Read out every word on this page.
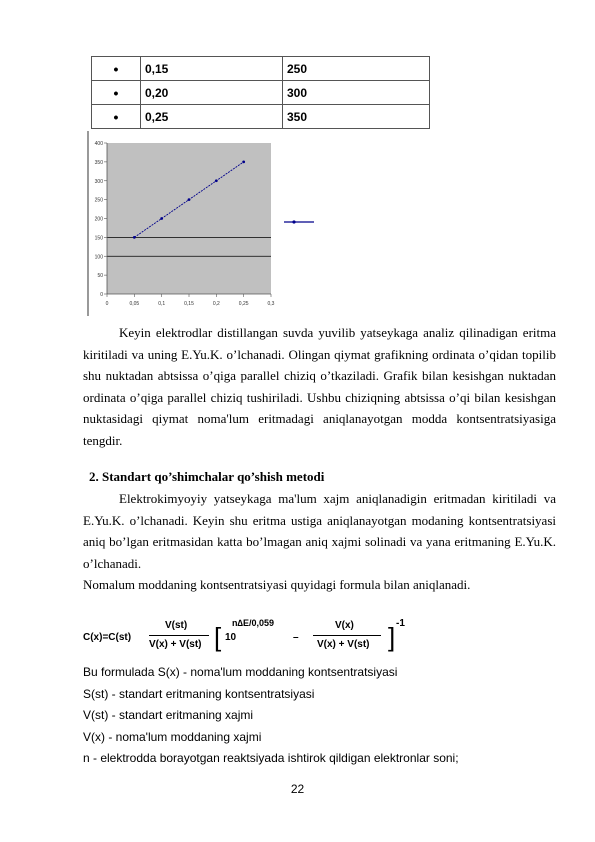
•	0,15	250
•	0,20	300
•	0,25	350
0
50
100
150
200
250
300
350
400
0	0,05	0,1	0,15	0,2	0,25	0,3

Keyin elektrodlar distillangan suvda yuvilib yatseykaga analiz qilinadigan eritma kiritiladi va uning E.Yu.K. o’lchanadi. Olingan qiymat grafikning ordinata o’qidan topilib shu nuktadan abtsissa o’qiga parallel chiziq o’tkaziladi. Grafik bilan kesishgan nuktadan ordinata o’qiga parallel chiziq tushiriladi. Ushbu chiziqning abtsissa o’qi bilan kesishgan nuktasidagi qiymat noma'lum eritmadagi aniqlanayotgan modda kontsentratsiyasiga tengdir.

2. Standart qo’shimchalar qo’shish metodi

Elektrokimyoyiy yatseykaga ma'lum xajm aniqlanadigin eritmadan kiritiladi va E.Yu.K. o’lchanadi. Keyin shu eritma ustiga aniqlanayotgan modaning kontsentratsiyasi aniq bo’lgan eritmasidan katta bo’lmagan aniq xajmi solinadi va yana eritmaning E.Yu.K. o’lchanadi.

Nomalum moddaning kontsentratsiyasi quyidagi formula bilan aniqlanadi.

C(x)=C(st)
V(st)
V(x) + V(st) [ 10
n∆E/0,059
–
V(x)
V(x) + V(st) ] -1
Bu formulada S(x) - noma'lum moddaning kontsentratsiyasi
S(st) - standart eritmaning kontsentratsiyasi
V(st) - standart eritmaning xajmi
V(x) - noma'lum moddaning xajmi
n - elektrodda borayotgan reaktsiyada ishtirok qildigan elektronlar soni;
22
